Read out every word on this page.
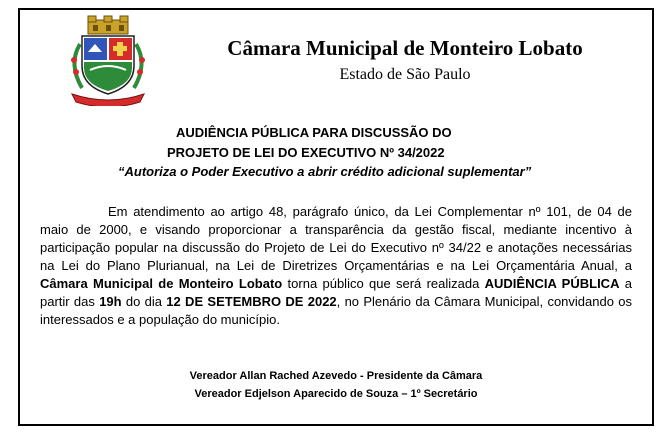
Câmara Municipal de Monteiro Lobato
Estado de São Paulo
AUDIÊNCIA PÚBLICA PARA DISCUSSÃO DO
PROJETO DE LEI DO EXECUTIVO Nº 34/2022
“Autoriza o Poder Executivo a abrir crédito adicional suplementar”

Em atendimento ao artigo 48, parágrafo único, da Lei Complementar nº 101, de 04 de maio de 2000, e visando proporcionar a transparência da gestão fiscal, mediante incentivo à participação popular na discussão do Projeto de Lei do Executivo nº 34/22 e anotações necessárias na Lei do Plano Plurianual, na Lei de Diretrizes Orçamentárias e na Lei Orçamentária Anual, a Câmara Municipal de Monteiro Lobato torna público que será realizada AUDIÊNCIA PÚBLICA a partir das 19h do dia 12 DE SETEMBRO DE 2022, no Plenário da Câmara Municipal, convidando os interessados e a população do município.

Vereador Allan Rached Azevedo - Presidente da Câmara
Vereador Edjelson Aparecido de Souza – 1º Secretário
